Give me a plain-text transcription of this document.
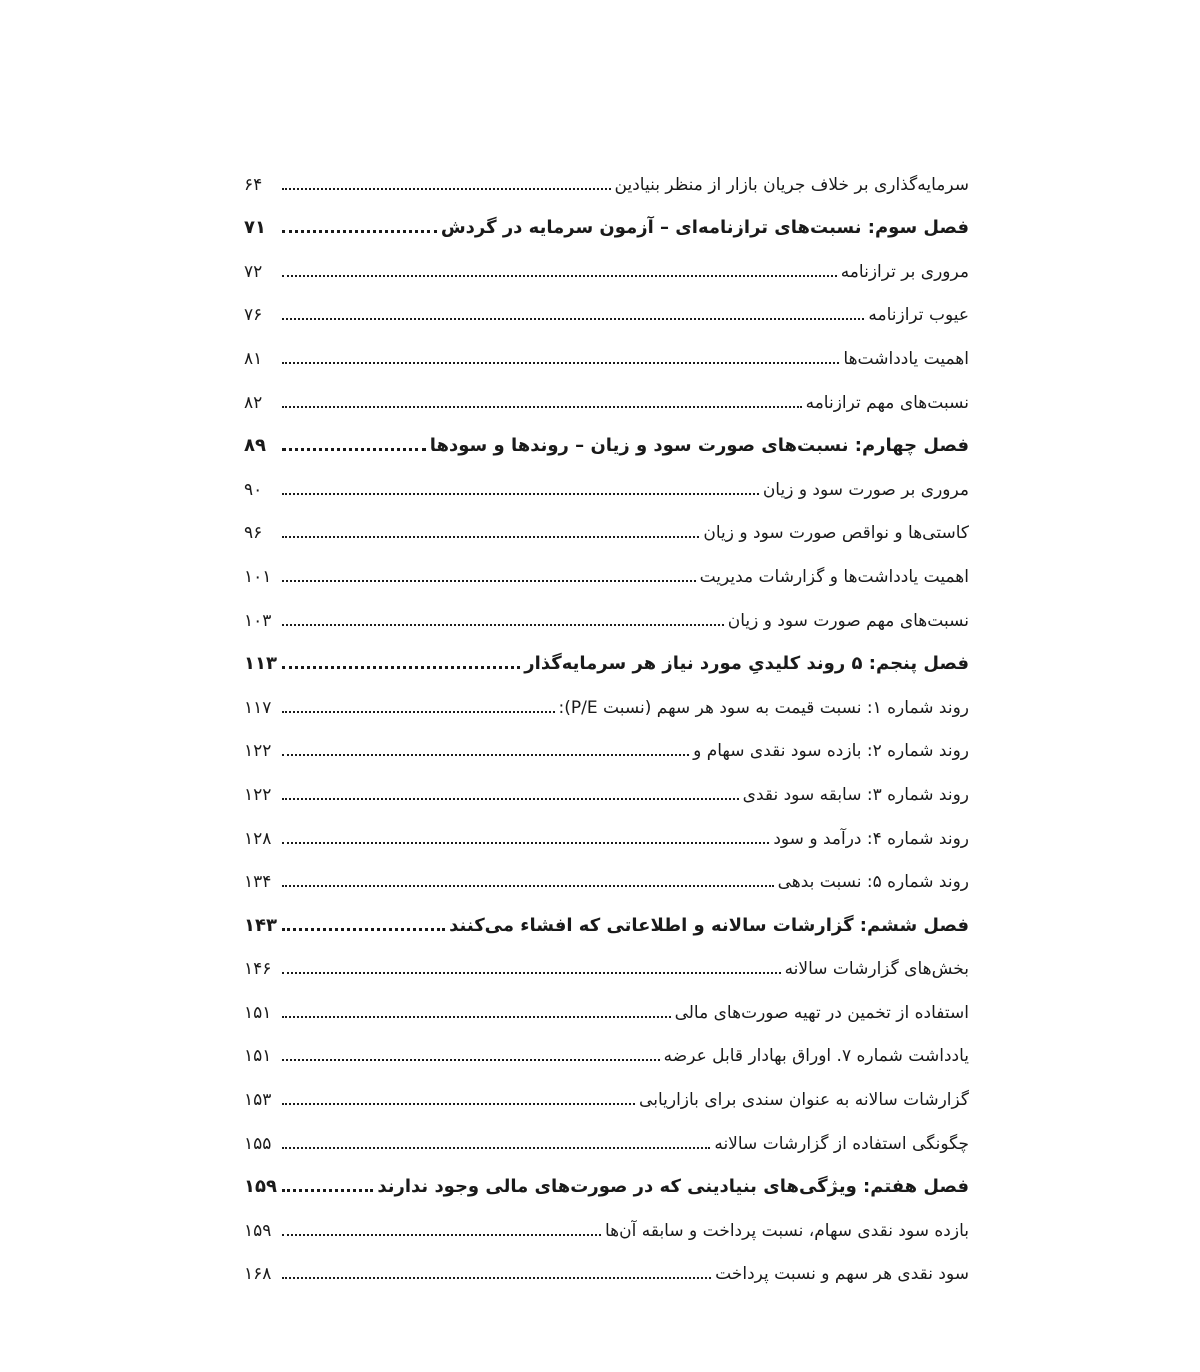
سرمایه‌گذاری بر خلاف جریان بازار از منظر بنیادین
۶۴
فصل سوم: نسبت‌های ترازنامه‌ای – آزمون سرمایه در گردش
۷۱
مروری بر ترازنامه
۷۲
عیوب ترازنامه
۷۶
اهمیت یادداشت‌ها
۸۱
نسبت‌های مهم ترازنامه
۸۲
فصل چهارم: نسبت‌های صورت سود و زیان – روندها و سودها
۸۹
مروری بر صورت سود و زیان
۹۰
کاستی‌ها و نواقص صورت سود و زیان
۹۶
اهمیت یادداشت‌ها و گزارشات مدیریت
۱۰۱
نسبت‌های مهم صورت سود و زیان
۱۰۳
فصل پنجم: ۵ روند کلیدیِ مورد نیاز هر سرمایه‌گذار
۱۱۳
روند شماره ۱: نسبت قیمت به سود هر سهم (نسبت P/E):
۱۱۷
روند شماره ۲: بازده سود نقدی سهام و
۱۲۲
روند شماره ۳: سابقه سود نقدی
۱۲۲
روند شماره ۴: درآمد و سود
۱۲۸
روند شماره ۵: نسبت بدهی
۱۳۴
فصل ششم: گزارشات سالانه و اطلاعاتی که افشاء می‌کنند
۱۴۳
بخش‌های گزارشات سالانه
۱۴۶
استفاده از تخمین در تهیه صورت‌های مالی
۱۵۱
یادداشت شماره ۷. اوراق بهادار قابل عرضه
۱۵۱
گزارشات سالانه به عنوان سندی برای بازاریابی
۱۵۳
چگونگی استفاده از گزارشات سالانه
۱۵۵
فصل هفتم: ویژگی‌های بنیادینی که در صورت‌های مالی وجود ندارند
۱۵۹
بازده سود نقدی سهام، نسبت پرداخت و سابقه آن‌ها
۱۵۹
سود نقدی هر سهم و نسبت پرداخت
۱۶۸
